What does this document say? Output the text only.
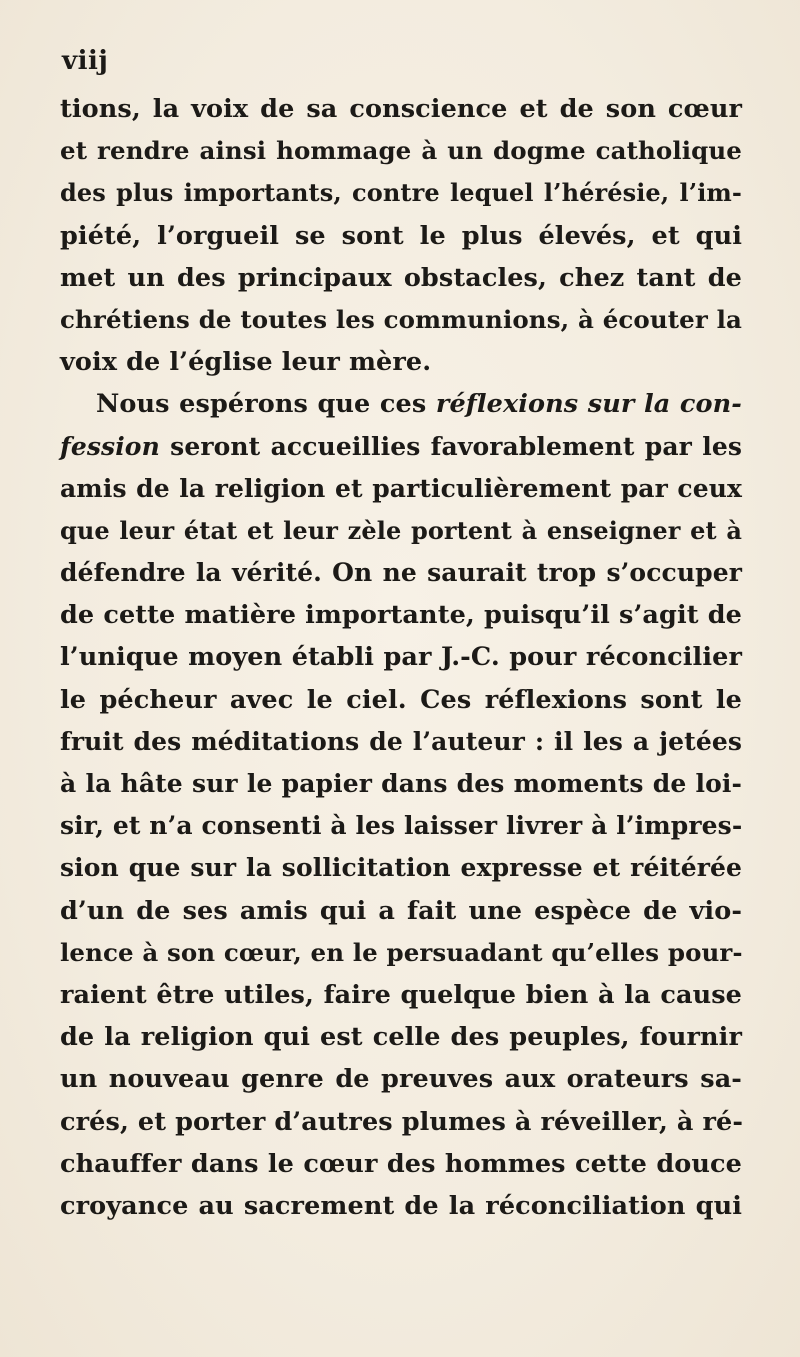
viij
tions, la voix de sa conscience et de son cœur
et rendre ainsi hommage à un dogme catholique
des plus importants, contre lequel l’hérésie, l’im-
piété, l’orgueil se sont le plus élevés, et qui
met un des principaux obstacles, chez tant de
chrétiens de toutes les communions, à écouter la
voix de l’église leur mère.
Nous espérons que ces réflexions sur la con-
fession seront accueillies favorablement par les
amis de la religion et particulièrement par ceux
que leur état et leur zèle portent à enseigner et à
défendre la vérité. On ne saurait trop s’occuper
de cette matière importante, puisqu’il s’agit de
l’unique moyen établi par J.-C. pour réconcilier
le pécheur avec le ciel. Ces réflexions sont le
fruit des méditations de l’auteur : il les a jetées
à la hâte sur le papier dans des moments de loi-
sir, et n’a consenti à les laisser livrer à l’impres-
sion que sur la sollicitation expresse et réitérée
d’un de ses amis qui a fait une espèce de vio-
lence à son cœur, en le persuadant qu’elles pour-
raient être utiles, faire quelque bien à la cause
de la religion qui est celle des peuples, fournir
un nouveau genre de preuves aux orateurs sa-
crés, et porter d’autres plumes à réveiller, à ré-
chauffer dans le cœur des hommes cette douce
croyance au sacrement de la réconciliation qui
